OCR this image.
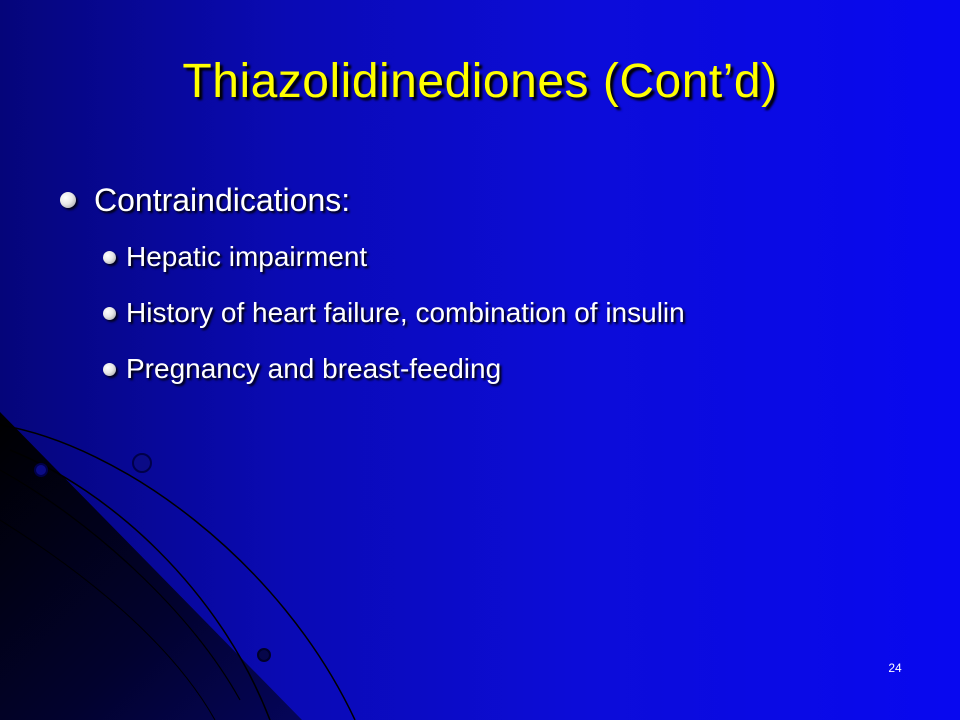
Thiazolidinediones (Cont’d)
Contraindications:
Hepatic impairment
History of heart failure, combination of insulin
Pregnancy and breast-feeding
24
